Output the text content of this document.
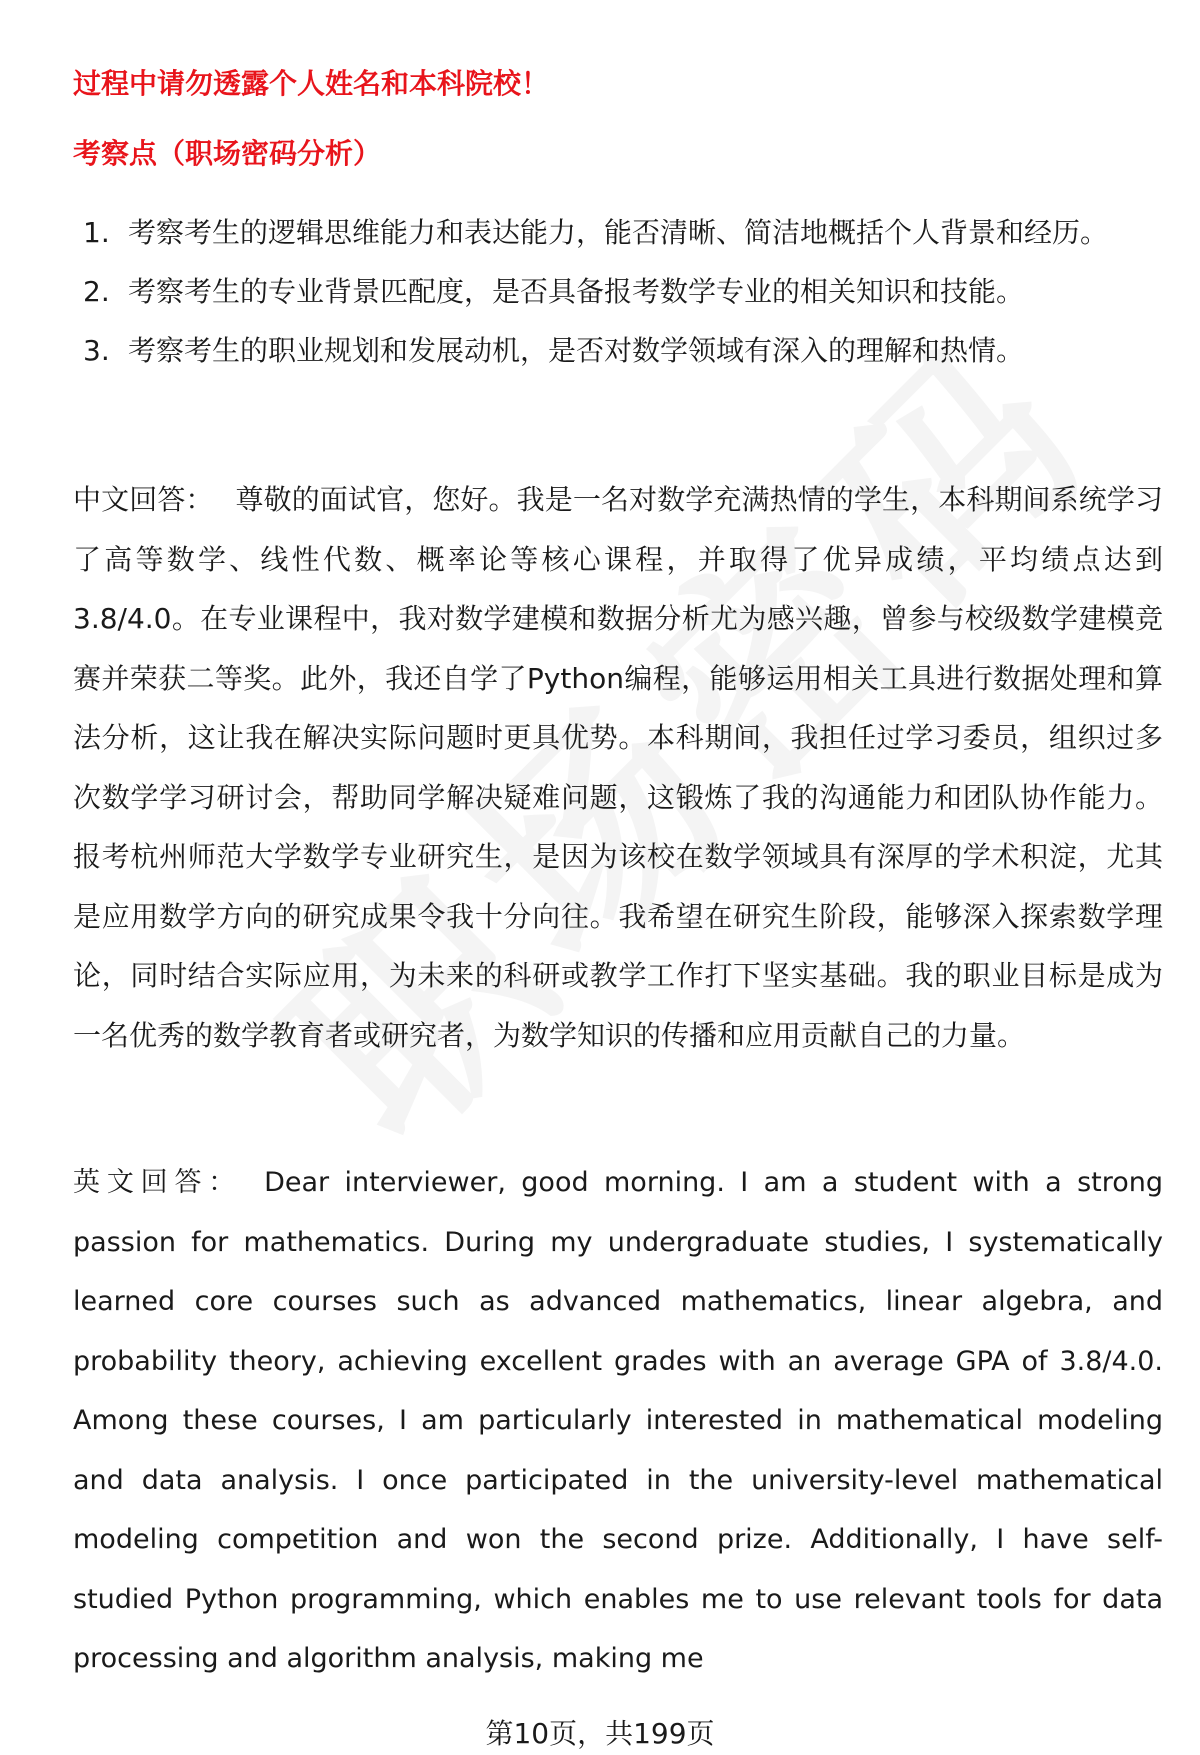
过程中请勿透露个人姓名和本科院校！
考察点（职场密码分析）
1. 考察考生的逻辑思维能力和表达能力，能否清晰、简洁地概括个人背景和经历。
2. 考察考生的专业背景匹配度，是否具备报考数学专业的相关知识和技能。
3. 考察考生的职业规划和发展动机，是否对数学领域有深入的理解和热情。

中文回答： 尊敬的面试官，您好。我是一名对数学充满热情的学生，本科期间系统学习了高等数学、线性代数、概率论等核心课程，并取得了优异成绩，平均绩点达到3.8/4.0。在专业课程中，我对数学建模和数据分析尤为感兴趣，曾参与校级数学建模竞赛并荣获二等奖。此外，我还自学了Python编程，能够运用相关工具进行数据处理和算法分析，这让我在解决实际问题时更具优势。本科期间，我担任过学习委员，组织过多次数学学习研讨会，帮助同学解决疑难问题，这锻炼了我的沟通能力和团队协作能力。报考杭州师范大学数学专业研究生，是因为该校在数学领域具有深厚的学术积淀，尤其是应用数学方向的研究成果令我十分向往。我希望在研究生阶段，能够深入探索数学理论，同时结合实际应用，为未来的科研或教学工作打下坚实基础。我的职业目标是成为一名优秀的数学教育者或研究者，为数学知识的传播和应用贡献自己的力量。

英文回答： Dear interviewer, good morning. I am a student with a strong passion for mathematics. During my undergraduate studies, I systematically learned core courses such as advanced mathematics, linear algebra, and probability theory, achieving excellent grades with an average GPA of 3.8/4.0. Among these courses, I am particularly interested in mathematical modeling and data analysis. I once participated in the university-level mathematical modeling competition and won the second prize. Additionally, I have self-studied Python programming, which enables me to use relevant tools for data processing and algorithm analysis, making me

第10页，共199页
